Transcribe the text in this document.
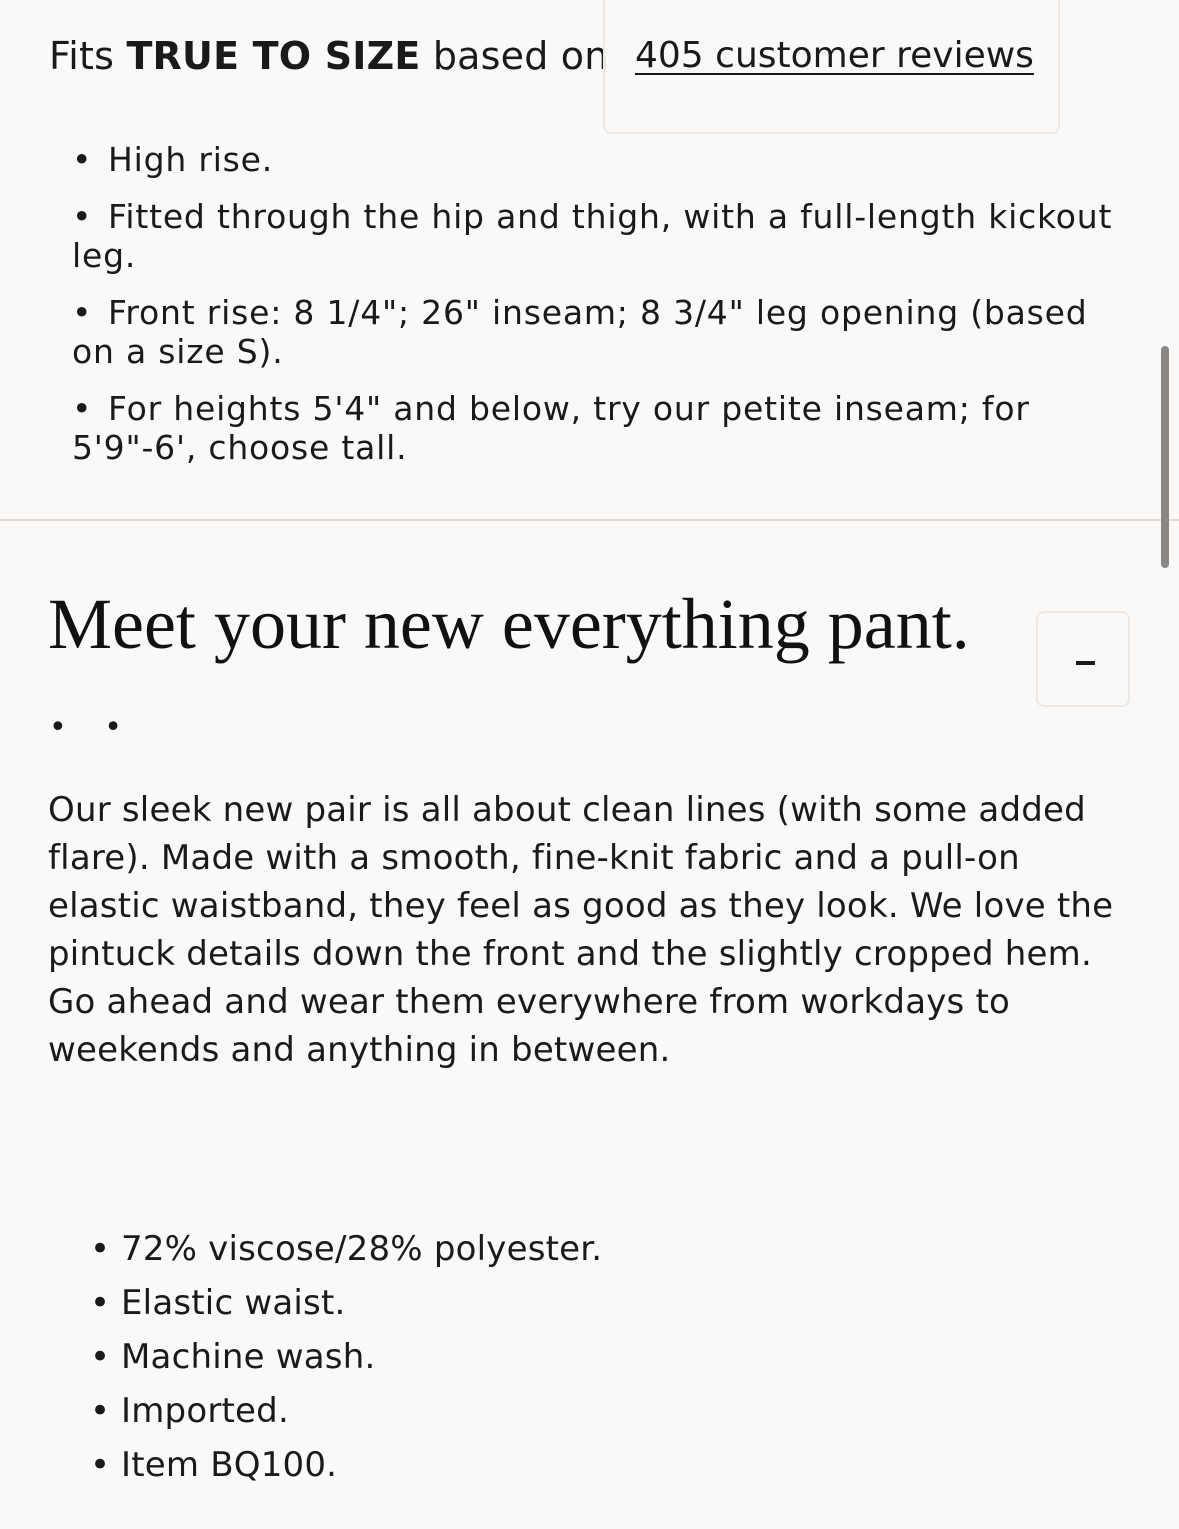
Fits TRUE TO SIZE based on 405 customer reviews
• High rise.
• Fitted through the hip and thigh, with a full-length kickout leg.
• Front rise: 8 1/4"; 26" inseam; 8 3/4" leg opening (based on a size S).
• For heights 5'4" and below, try our petite inseam; for 5'9"-6', choose tall.
Meet your new everything pant.
• •

Our sleek new pair is all about clean lines (with some added flare). Made with a smooth, fine-knit fabric and a pull-on elastic waistband, they feel as good as they look. We love the pintuck details down the front and the slightly cropped hem. Go ahead and wear them everywhere from workdays to weekends and anything in between.

• 72% viscose/28% polyester.
• Elastic waist.
• Machine wash.
• Imported.
• Item BQ100.
